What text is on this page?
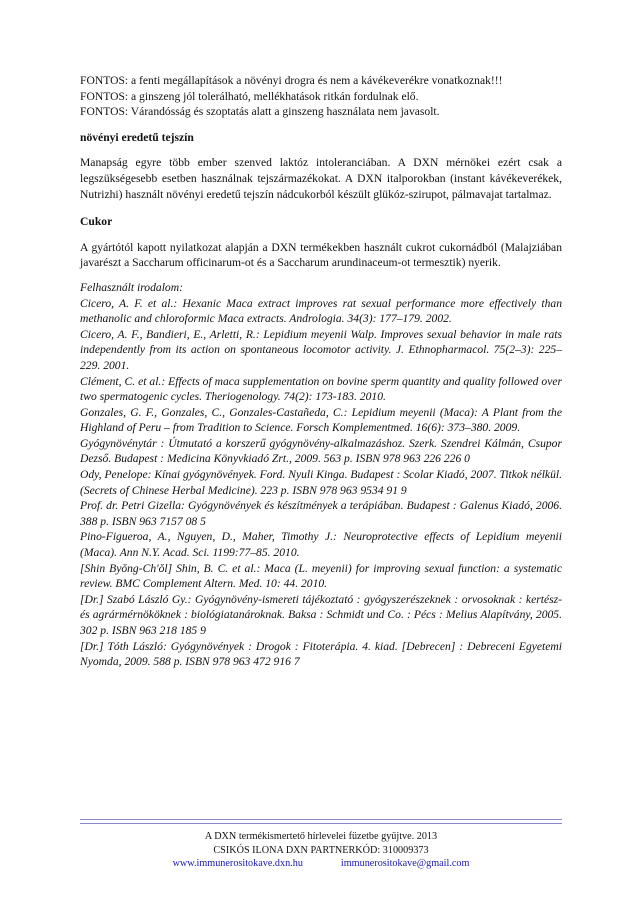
FONTOS: a fenti megállapítások a növényi drogra és nem a kávékeverékre vonatkoznak!!!
FONTOS: a ginszeng jól tolerálható, mellékhatások ritkán fordulnak elő.
FONTOS: Várandósság és szoptatás alatt a ginszeng használata nem javasolt.
növényi eredetű tejszín
Manapság egyre több ember szenved laktóz intoleranciában. A DXN mérnökei ezért csak a legszükségesebb esetben használnak tejszármazékokat. A DXN italporokban (instant kávékeverékek, Nutrizhi) használt növényi eredetű tejszín nádcukorból készült glükóz-szirupot, pálmavajat tartalmaz.
Cukor
A gyártótól kapott nyilatkozat alapján a DXN termékekben használt cukrot cukornádból (Malajziában javarészt a Saccharum officinarum-ot és a Saccharum arundinaceum-ot termesztik) nyerik.
Felhasznált irodalom:
Cicero, A. F. et al.: Hexanic Maca extract improves rat sexual performance more effectively than methanolic and chloroformic Maca extracts. Andrologia. 34(3): 177–179. 2002.
Cicero, A. F., Bandieri, E., Arletti, R.: Lepidium meyenii Walp. Improves sexual behavior in male rats independently from its action on spontaneous locomotor activity. J. Ethnopharmacol. 75(2–3): 225–229. 2001.
Clément, C. et al.: Effects of maca supplementation on bovine sperm quantity and quality followed over two spermatogenic cycles. Theriogenology. 74(2): 173-183. 2010.
Gonzales, G. F., Gonzales, C., Gonzales-Castañeda, C.: Lepidium meyenii (Maca): A Plant from the Highland of Peru – from Tradition to Science. Forsch Komplementmed. 16(6): 373–380. 2009.
Gyógynövénytár : Útmutató a korszerű gyógynövény-alkalmazáshoz. Szerk. Szendrei Kálmán, Csupor Dezső. Budapest : Medicina Könyvkiadó Zrt., 2009. 563 p. ISBN 978 963 226 226 0
Ody, Penelope: Kínai gyógynövények. Ford. Nyuli Kinga. Budapest : Scolar Kiadó, 2007. Titkok nélkül. (Secrets of Chinese Herbal Medicine). 223 p. ISBN 978 963 9534 91 9
Prof. dr. Petri Gizella: Gyógynövények és készítmények a terápiában. Budapest : Galenus Kiadó, 2006. 388 p. ISBN 963 7157 08 5
Pino-Figueroa, A., Nguyen, D., Maher, Timothy J.: Neuroprotective effects of Lepidium meyenii (Maca). Ann N.Y. Acad. Sci. 1199:77–85. 2010.
[Shin Byŏng-Ch'ŏl] Shin, B. C. et al.: Maca (L. meyenii) for improving sexual function: a systematic review. BMC Complement Altern. Med. 10: 44. 2010.
[Dr.] Szabó László Gy.: Gyógynövény-ismereti tájékoztató : gyógyszerészeknek : orvosoknak : kertész- és agrármérnököknek : biológiatanároknak. Baksa : Schmidt und Co. : Pécs : Melius Alapítvány, 2005. 302 p. ISBN 963 218 185 9
[Dr.] Tóth László: Gyógynövények : Drogok : Fitoterápia. 4. kiad. [Debrecen] : Debreceni Egyetemi Nyomda, 2009. 588 p. ISBN 978 963 472 916 7
A DXN termékismertető hírlevelei füzetbe gyűjtve. 2013
CSIKÓS ILONA DXN PARTNERKÓD: 310009373
www.immunerositokave.dxn.hu	immunerositokave@gmail.com
